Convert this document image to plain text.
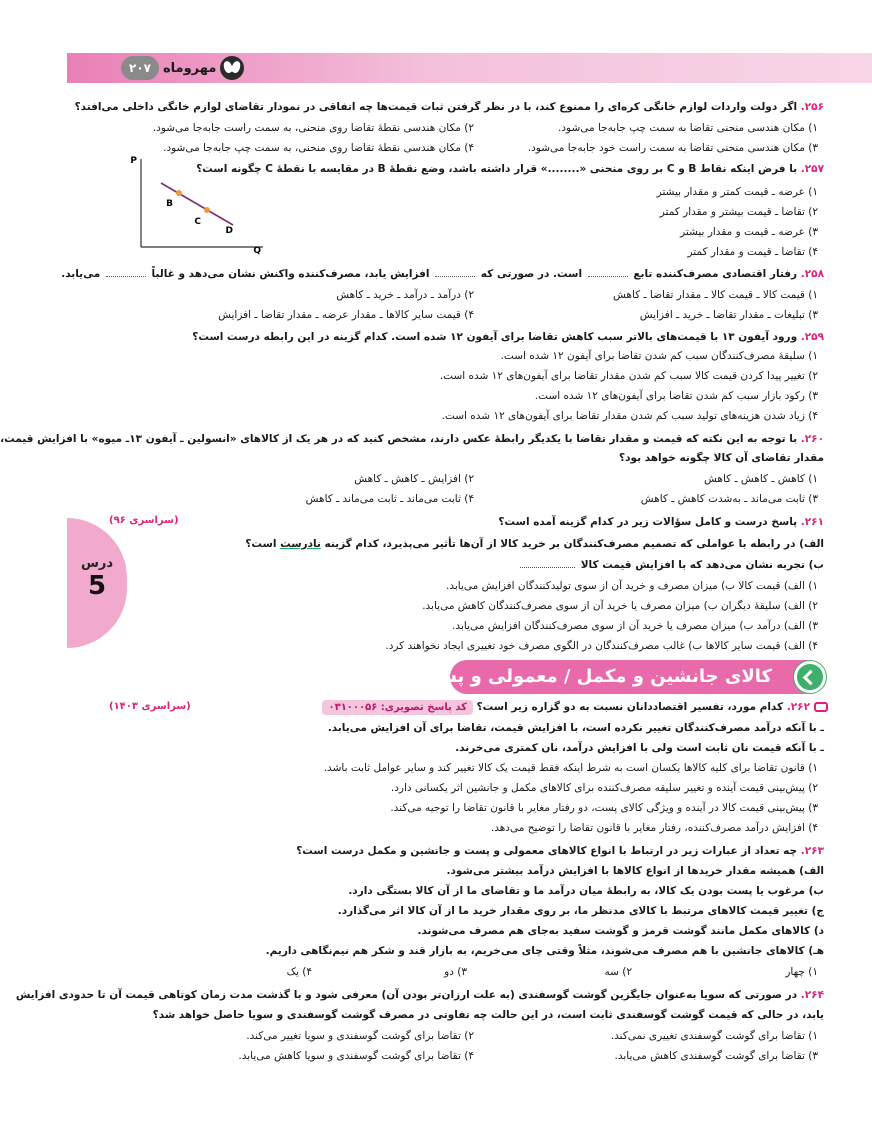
۲۰۷ مهروماه
درس
5
۲۵۶. اگر دولت واردات لوازم خانگی کره‌ای را ممنوع کند، با در نظر گرفتن ثبات قیمت‌ها چه اتفاقی در نمودار تقاضای لوازم خانگی داخلی می‌افتد؟
۱) مکان هندسی منحنی تقاضا به سمت چپ جابه‌جا می‌شود.
۲) مکان هندسی نقطهٔ تقاضا روی منحنی، به سمت راست جابه‌جا می‌شود.
۳) مکان هندسی منحنی تقاضا به سمت راست خود جابه‌جا می‌شود.
۴) مکان هندسی نقطهٔ تقاضا روی منحنی، به سمت چپ جابه‌جا می‌شود.
۲۵۷. با فرض اینکه نقاط B و C بر روی منحنی «........» قرار داشته باشد، وضع نقطهٔ B در مقایسه با نقطهٔ C چگونه است؟
۱) عرضه ـ قیمت کمتر و مقدار بیشتر
۲) تقاضا ـ قیمت بیشتر و مقدار کمتر
۳) عرضه ـ قیمت و مقدار بیشتر
۴) تقاضا ـ قیمت و مقدار کمتر
P
Q
B
C
D
۲۵۸. رفتار اقتصادی مصرف‌کننده تابع  است. در صورتی که  افزایش یابد، مصرف‌کننده واکنش نشان می‌دهد و غالباً  می‌یابد.
۱) قیمت کالا ـ قیمت کالا ـ مقدار تقاضا ـ کاهش
۲) درآمد ـ درآمد ـ خرید ـ کاهش
۳) تبلیغات ـ مقدار تقاضا ـ خرید ـ افزایش
۴) قیمت سایر کالاها ـ مقدار عرضه ـ مقدار تقاضا ـ افزایش
۲۵۹. ورود آیفون ۱۳ با قیمت‌های بالاتر سبب کاهش تقاضا برای آیفون ۱۲ شده است. کدام گزینه در این رابطه درست است؟
۱) سلیقهٔ مصرف‌کنندگان سبب کم شدن تقاضا برای آیفون ۱۲ شده است.
۲) تغییر پیدا کردن قیمت کالا سبب کم شدن مقدار تقاضا برای آیفون‌های ۱۲ شده است.
۳) رکود بازار سبب کم شدن تقاضا برای آیفون‌های ۱۲ شده است.
۴) زیاد شدن هزینه‌های تولید سبب کم شدن مقدار تقاضا برای آیفون‌های ۱۲ شده است.
۲۶۰. با توجه به این نکته که قیمت و مقدار تقاضا با یکدیگر رابطهٔ عکس دارند، مشخص کنید که در هر یک از کالاهای «انسولین ـ آیفون ۱۳ـ میوه» با افزایش قیمت،
مقدار تقاضای آن کالا چگونه خواهد بود؟
۱) کاهش ـ کاهش ـ کاهش
۲) افزایش ـ کاهش ـ کاهش
۳) ثابت می‌ماند ـ به‌شدت کاهش ـ کاهش
۴) ثابت می‌ماند ـ ثابت می‌ماند ـ کاهش
۲۶۱. پاسخ درست و کامل سؤالات زیر در کدام گزینه آمده است؟
(سراسری ۹۶)
الف) در رابطه با عواملی که تصمیم مصرف‌کنندگان بر خرید کالا از آن‌ها تأثیر می‌پذیرد، کدام گزینه نادرست است؟
ب) تجربه نشان می‌دهد که با افزایش قیمت کالا
۱) الف) قیمت کالا ب) میزان مصرف و خرید آن از سوی تولیدکنندگان افزایش می‌یابد.
۲) الف) سلیقهٔ دیگران ب) میزان مصرف یا خرید آن از سوی مصرف‌کنندگان کاهش می‌یابد.
۳) الف) درآمد ب) میزان مصرف یا خرید آن از سوی مصرف‌کنندگان افزایش می‌یابد.
۴) الف) قیمت سایر کالاها ب) غالب مصرف‌کنندگان در الگوی مصرف خود تغییری ایجاد نخواهند کرد.
کالای جانشین و مکمل / معمولی و پست
۲۶۲. کدام مورد، تفسیر اقتصاددانان نسبت به دو گزاره زیر است؟ کد پاسخ تصویری: ۰۳۱۰۰۰۵۶
(سراسری ۱۴۰۳)
ـ با آنکه درآمد مصرف‌کنندگان تغییر نکرده است، با افزایش قیمت، تقاضا برای آن افزایش می‌یابد.
ـ با آنکه قیمت نان ثابت است ولی با افزایش درآمد، نان کمتری می‌خرند.
۱) قانون تقاضا برای کلیه کالاها یکسان است به شرط اینکه فقط قیمت یک کالا تغییر کند و سایر عوامل ثابت باشد.
۲) پیش‌بینی قیمت آینده و تغییر سلیقه مصرف‌کننده برای کالاهای مکمل و جانشین اثر یکسانی دارد.
۳) پیش‌بینی قیمت کالا در آینده و ویژگی کالای پست، دو رفتار مغایر با قانون تقاضا را توجیه می‌کند.
۴) افزایش درآمد مصرف‌کننده، رفتار مغایر با قانون تقاضا را توضیح می‌دهد.
۲۶۳. چه تعداد از عبارات زیر در ارتباط با انواع کالاهای معمولی و پست و جانشین و مکمل درست است؟
الف) همیشه مقدار خریدها از انواع کالاها با افزایش درآمد بیشتر می‌شود.
ب) مرغوب یا پست بودن یک کالا، به رابطهٔ میان درآمد ما و تقاضای ما از آن کالا بستگی دارد.
ج) تغییر قیمت کالاهای مرتبط با کالای مدنظر ما، بر روی مقدار خرید ما از آن کالا اثر می‌گذارد.
د) کالاهای مکمل مانند گوشت قرمز و گوشت سفید به‌جای هم مصرف می‌شوند.
هـ) کالاهای جانشین با هم مصرف می‌شوند، مثلاً وقتی چای می‌خریم، به بازار قند و شکر هم نیم‌نگاهی داریم.
۱) چهار
۲) سه
۳) دو
۴) یک
۲۶۴. در صورتی که سویا به‌عنوان جایگزین گوشت گوسفندی (به علت ارزان‌تر بودن آن) معرفی شود و با گذشت مدت زمان کوتاهی قیمت آن تا حدودی افزایش
یابد، در حالی که قیمت گوشت گوسفندی ثابت است، در این حالت چه تفاوتی در مصرف گوشت گوسفندی و سویا حاصل خواهد شد؟
۱) تقاضا برای گوشت گوسفندی تغییری نمی‌کند.
۲) تقاضا برای گوشت گوسفندی و سویا تغییر می‌کند.
۳) تقاضا برای گوشت گوسفندی کاهش می‌یابد.
۴) تقاضا برای گوشت گوسفندی و سویا کاهش می‌یابد.
